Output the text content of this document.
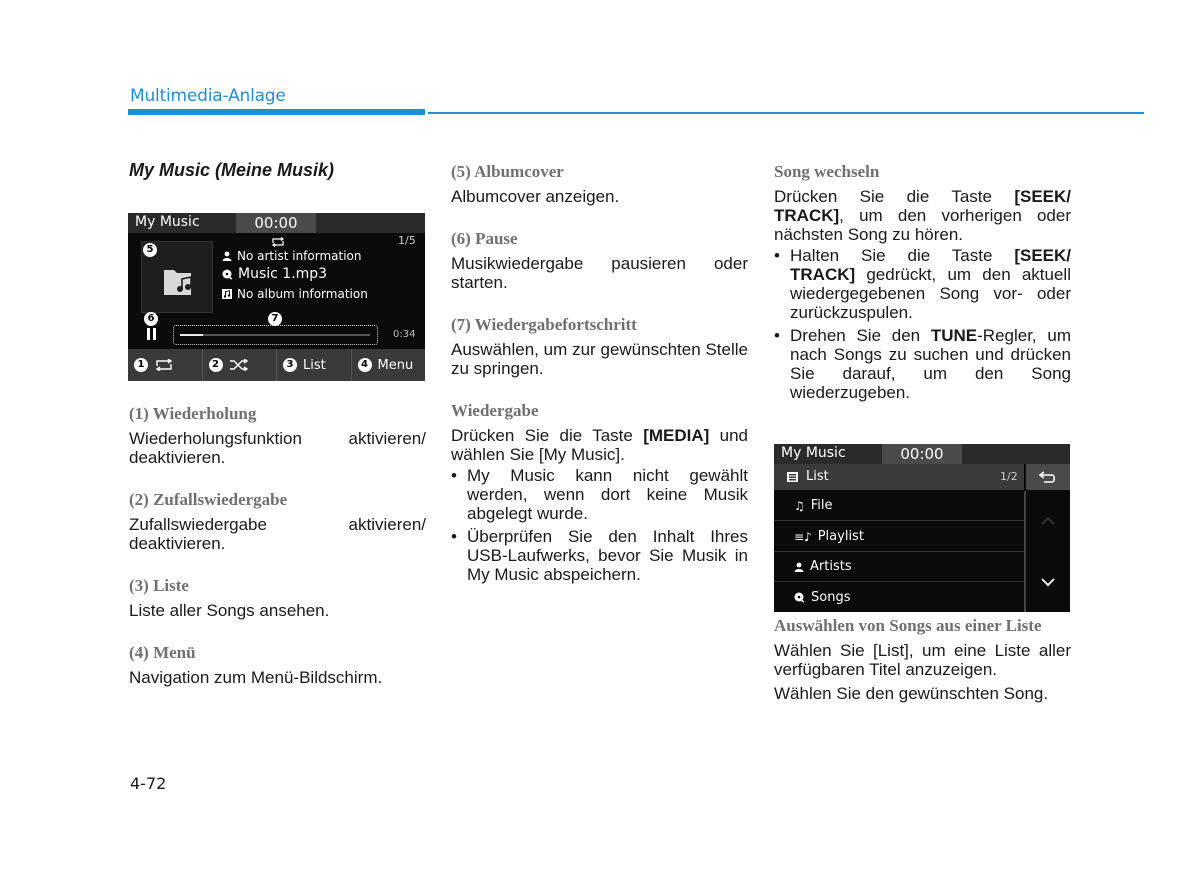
Multimedia-Anlage
My Music (Meine Musik)
My Music	00:00
5
1/5
No artist information
Music 1.mp3
No album information
6	7
0:34
1	2	3 List	4 Menu

(1) Wiederholung

Wiederholungsfunktion aktivieren/ deaktivieren.

(2) Zufallswiedergabe

Zufallswiedergabe aktivieren/ deaktivieren.

(3) Liste

Liste aller Songs ansehen.

(4) Menü

Navigation zum Menü-Bildschirm.

(5) Albumcover

Albumcover anzeigen.

(6) Pause

Musikwiedergabe pausieren oder starten.

(7) Wiedergabefortschritt

Auswählen, um zur gewünschten Stelle zu springen.

Wiedergabe

Drücken Sie die Taste [MEDIA] und wählen Sie [My Music].

• My Music kann nicht gewählt werden, wenn dort keine Musik abgelegt wurde.
• Überprüfen Sie den Inhalt Ihres USB-Laufwerks, bevor Sie Musik in My Music abspeichern.

Song wechseln

Drücken Sie die Taste [SEEK/ TRACK], um den vorherigen oder nächsten Song zu hören.

• Halten Sie die Taste [SEEK/ TRACK] gedrückt, um den aktuell wiedergegebenen Song vor- oder zurückzuspulen.
• Drehen Sie den TUNE-Regler, um nach Songs zu suchen und drücken Sie darauf, um den Song wiederzugeben.
My Music	00:00
List	1/2
♫ File
≡♪ Playlist
Artists
Songs

Auswählen von Songs aus einer Liste

Wählen Sie [List], um eine Liste aller verfügbaren Titel anzuzeigen.

Wählen Sie den gewünschten Song.

4-72
